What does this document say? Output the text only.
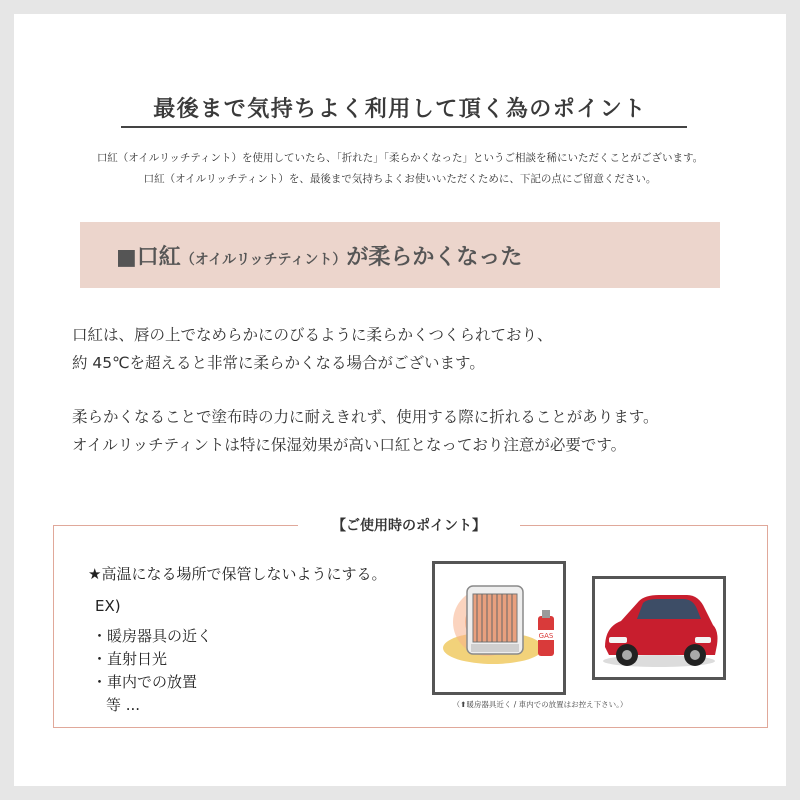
最後まで気持ちよく利用して頂く為のポイント
口紅（オイルリッチティント）を使用していたら、「折れた」「柔らかくなった」というご相談を稀にいただくことがございます。
口紅（オイルリッチティント）を、最後まで気持ちよくお使いいただくために、下記の点にご留意ください。
■口紅（オイルリッチティント）が柔らかくなった
口紅は、唇の上でなめらかにのびるように柔らかくつくられており、
約 45℃を超えると非常に柔らかくなる場合がございます。
柔らかくなることで塗布時の力に耐えきれず、使用する際に折れることがあります。
オイルリッチティントは特に保湿効果が高い口紅となっており注意が必要です。
【ご使用時のポイント】
★高温になる場所で保管しないようにする。
EX)
・暖房器具の近く
・直射日光
・車内での放置
等 ...
GAS
（⬆暖房器具近く / 車内での放置はお控え下さい。）
